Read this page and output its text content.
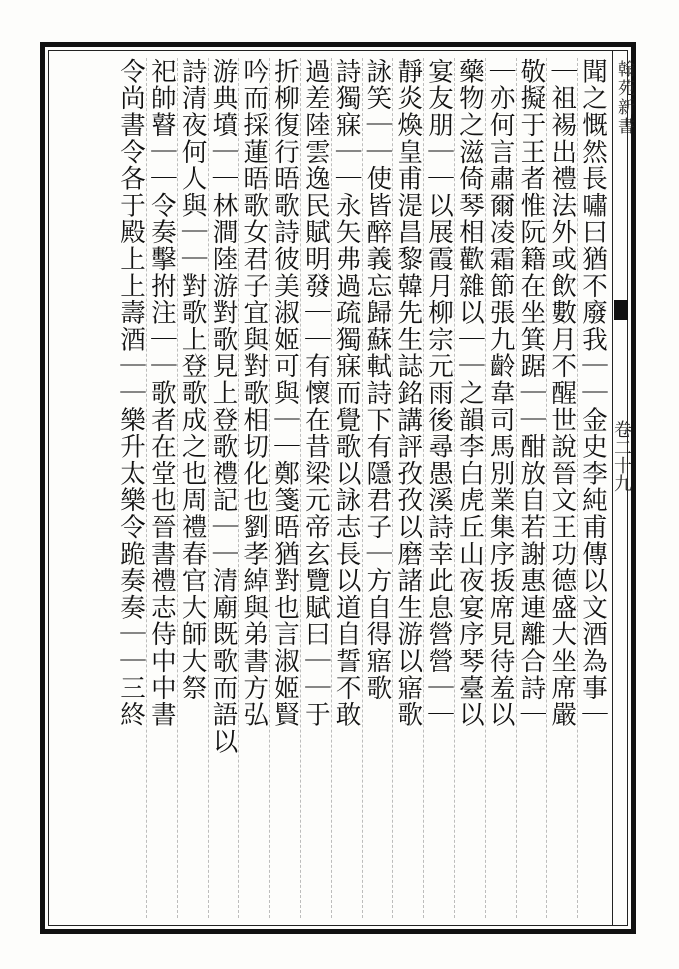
翰苑新書
卷二十九
聞之慨然長嘯曰猶不廢我｜｜金史李純甫傳以文酒為事｜
｜祖裼出禮法外或飲數月不醒世說晉文王功德盛大坐席嚴
敬擬于王者惟阮籍在坐箕踞｜｜酣放自若謝惠連離合詩｜
｜亦何言肅爾凌霜節張九齡韋司馬別業集序㧞席見待羞以
藥物之滋倚琴相歡雜以｜｜之韻李白虎丘山夜宴序琴臺以
宴友朋｜｜以展霞月柳宗元雨後尋愚溪詩幸此息營營｜｜
靜炎煥皇甫湜昌黎韓先生誌銘講評孜孜以磨諸生游以寤歌
詠笑｜｜使皆醉義忘歸蘇軾詩下有隱君子｜方自得寤歌
詩獨寐｜｜永矢弗過疏獨寐而覺歌以詠志長以道自誓不敢
過差陸雲逸民賦明發｜｜有懷在昔梁元帝玄覽賦曰｜｜于
折柳復行晤歌詩彼美淑姬可與｜｜鄭箋晤猶對也言淑姬賢
吟而採蓮晤歌女君子宜與對歌相切化也劉孝綽與弟書方弘
游典墳｜｜林澗陸游對歌見上登歌禮記｜｜清廟既歌而語以
詩清夜何人與｜｜對歌上登歌成之也周禮春官大師大祭
祀帥瞽｜｜令奏擊拊注｜｜歌者在堂也晉書禮志侍中中書
令尚書令各于殿上上壽酒｜｜樂升太樂令跪奏奏｜｜三終
